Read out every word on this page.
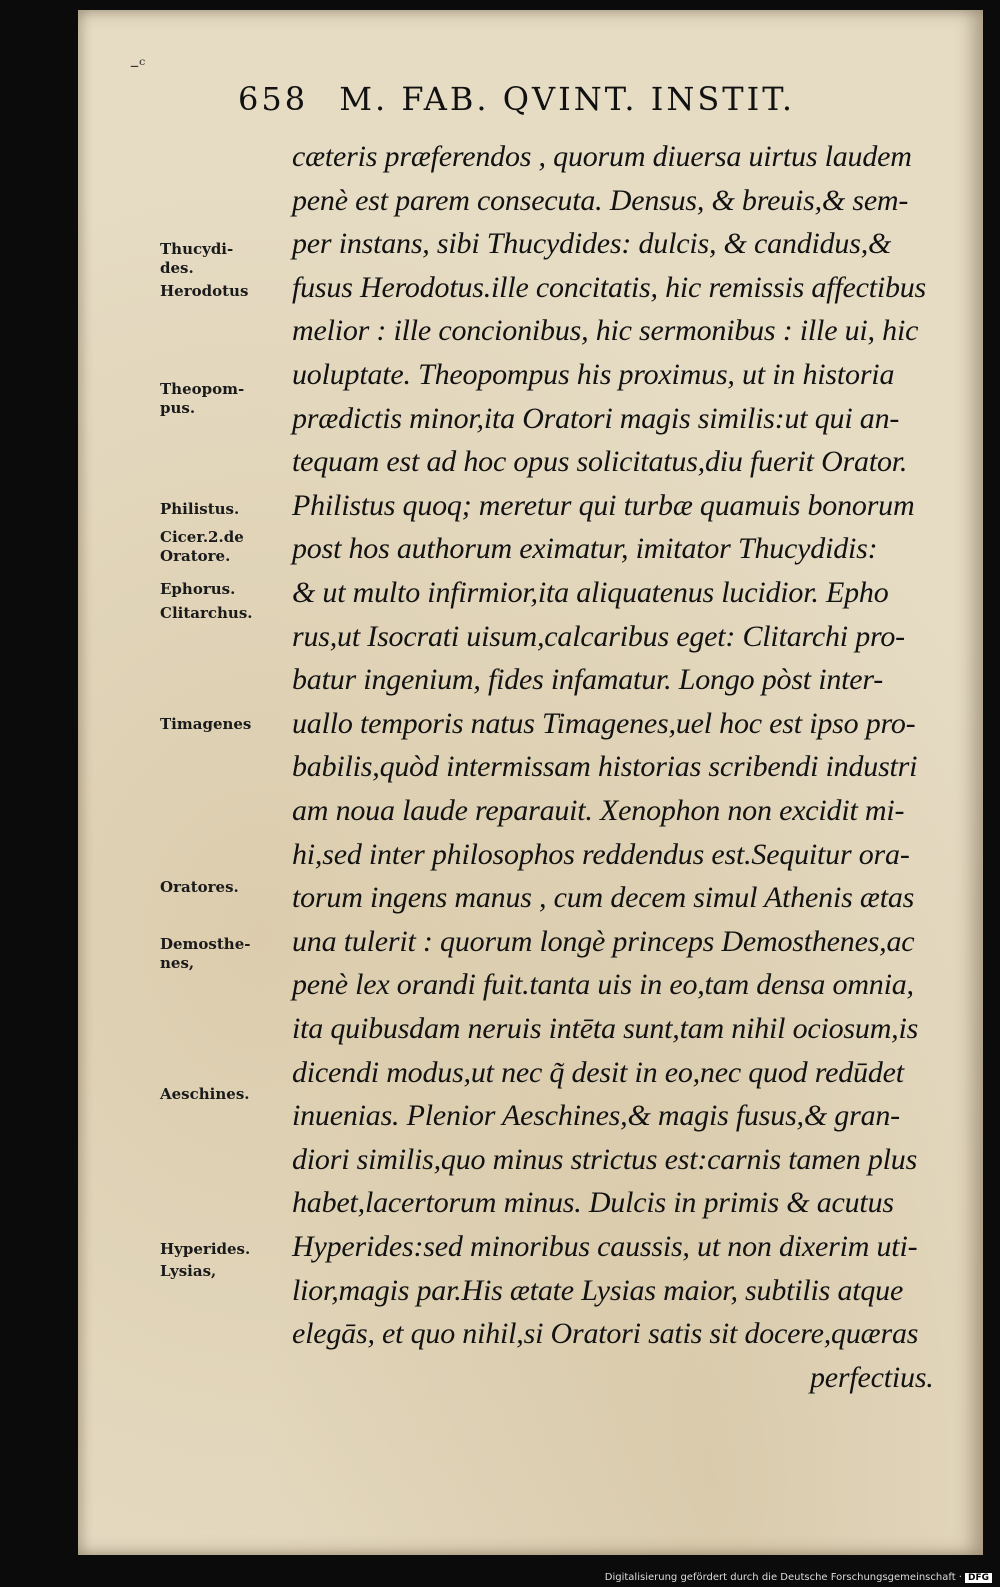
–ᶜ
658 M. FAB. QVINT. INSTIT.
cæteris præferendos , quorum diuersa uirtus laudem
penè est parem consecuta. Densus, & breuis,& sem-
per instans, sibi Thucydides: dulcis, & candidus,&
fusus Herodotus.ille concitatis, hic remissis affectibus
melior : ille concionibus, hic sermonibus : ille ui, hic
uoluptate. Theopompus his proximus, ut in historia
prædictis minor,ita Oratori magis similis:ut qui an-
tequam est ad hoc opus solicitatus,diu fuerit Orator.
Philistus quoq; meretur qui turbæ quamuis bonorum
post hos authorum eximatur, imitator Thucydidis:
& ut multo infirmior,ita aliquatenus lucidior. Epho
rus,ut Isocrati uisum,calcaribus eget: Clitarchi pro-
batur ingenium, fides infamatur. Longo pòst inter-
uallo temporis natus Timagenes,uel hoc est ipso pro-
babilis,quòd intermissam historias scribendi industri
am noua laude reparauit. Xenophon non excidit mi-
hi,sed inter philosophos reddendus est.Sequitur ora-
torum ingens manus , cum decem simul Athenis ætas
una tulerit : quorum longè princeps Demosthenes,ac
penè lex orandi fuit.tanta uis in eo,tam densa omnia,
ita quibusdam neruis intēta sunt,tam nihil ociosum,is
dicendi modus,ut nec q̃ desit in eo,nec quod redūdet
inuenias. Plenior Aeschines,& magis fusus,& gran-
diori similis,quo minus strictus est:carnis tamen plus
habet,lacertorum minus. Dulcis in primis & acutus
Hyperides:sed minoribus caussis, ut non dixerim uti-
lior,magis par.His ætate Lysias maior, subtilis atque
elegās, et quo nihil,si Oratori satis sit docere,quæras
perfectius.
Thucydi-
des.
Herodotus
Theopom-
pus.
Philistus.
Cicer.2.de
Oratore.
Ephorus.
Clitarchus.
Timagenes
Oratores.
Demosthe-
nes,
Aeschines.
Hyperides.
Lysias,
Digitalisierung gefördert durch die Deutsche Forschungsgemeinschaft · DFG
